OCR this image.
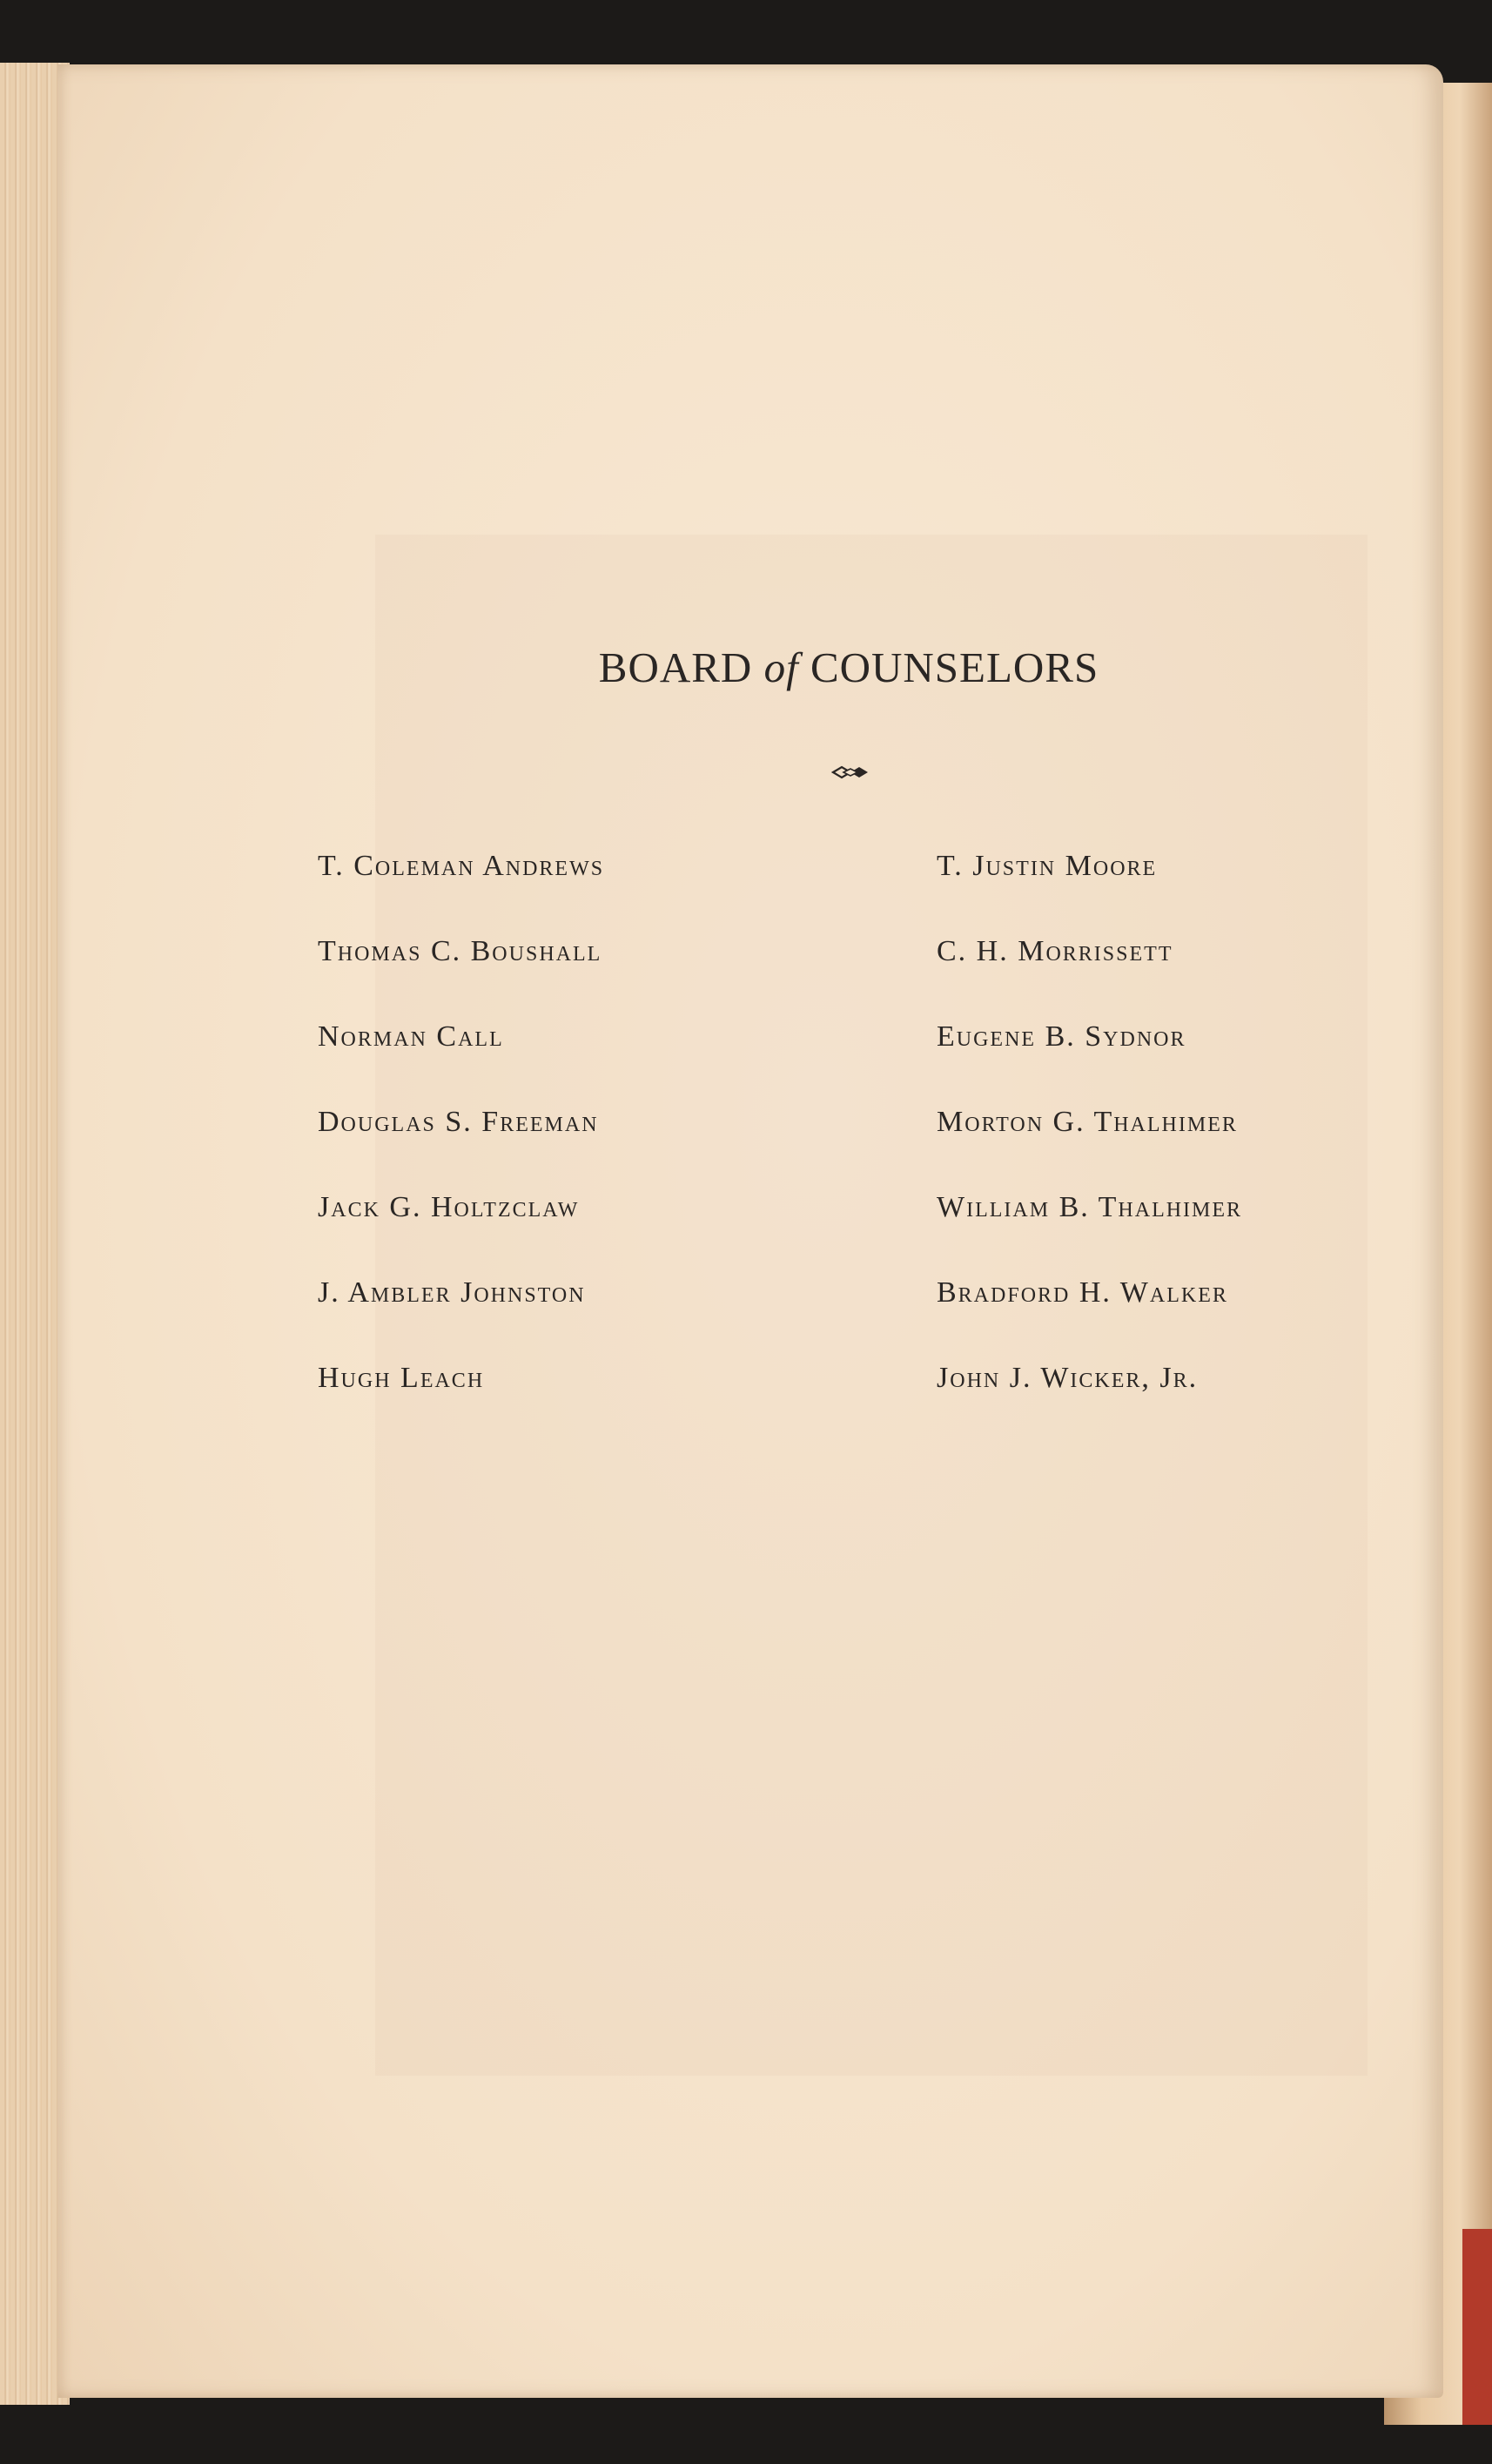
BOARD of COUNSELORS
T. Coleman Andrews
Thomas C. Boushall
Norman Call
Douglas S. Freeman
Jack G. Holtzclaw
J. Ambler Johnston
Hugh Leach
T. Justin Moore
C. H. Morrissett
Eugene B. Sydnor
Morton G. Thalhimer
William B. Thalhimer
Bradford H. Walker
John J. Wicker, Jr.
